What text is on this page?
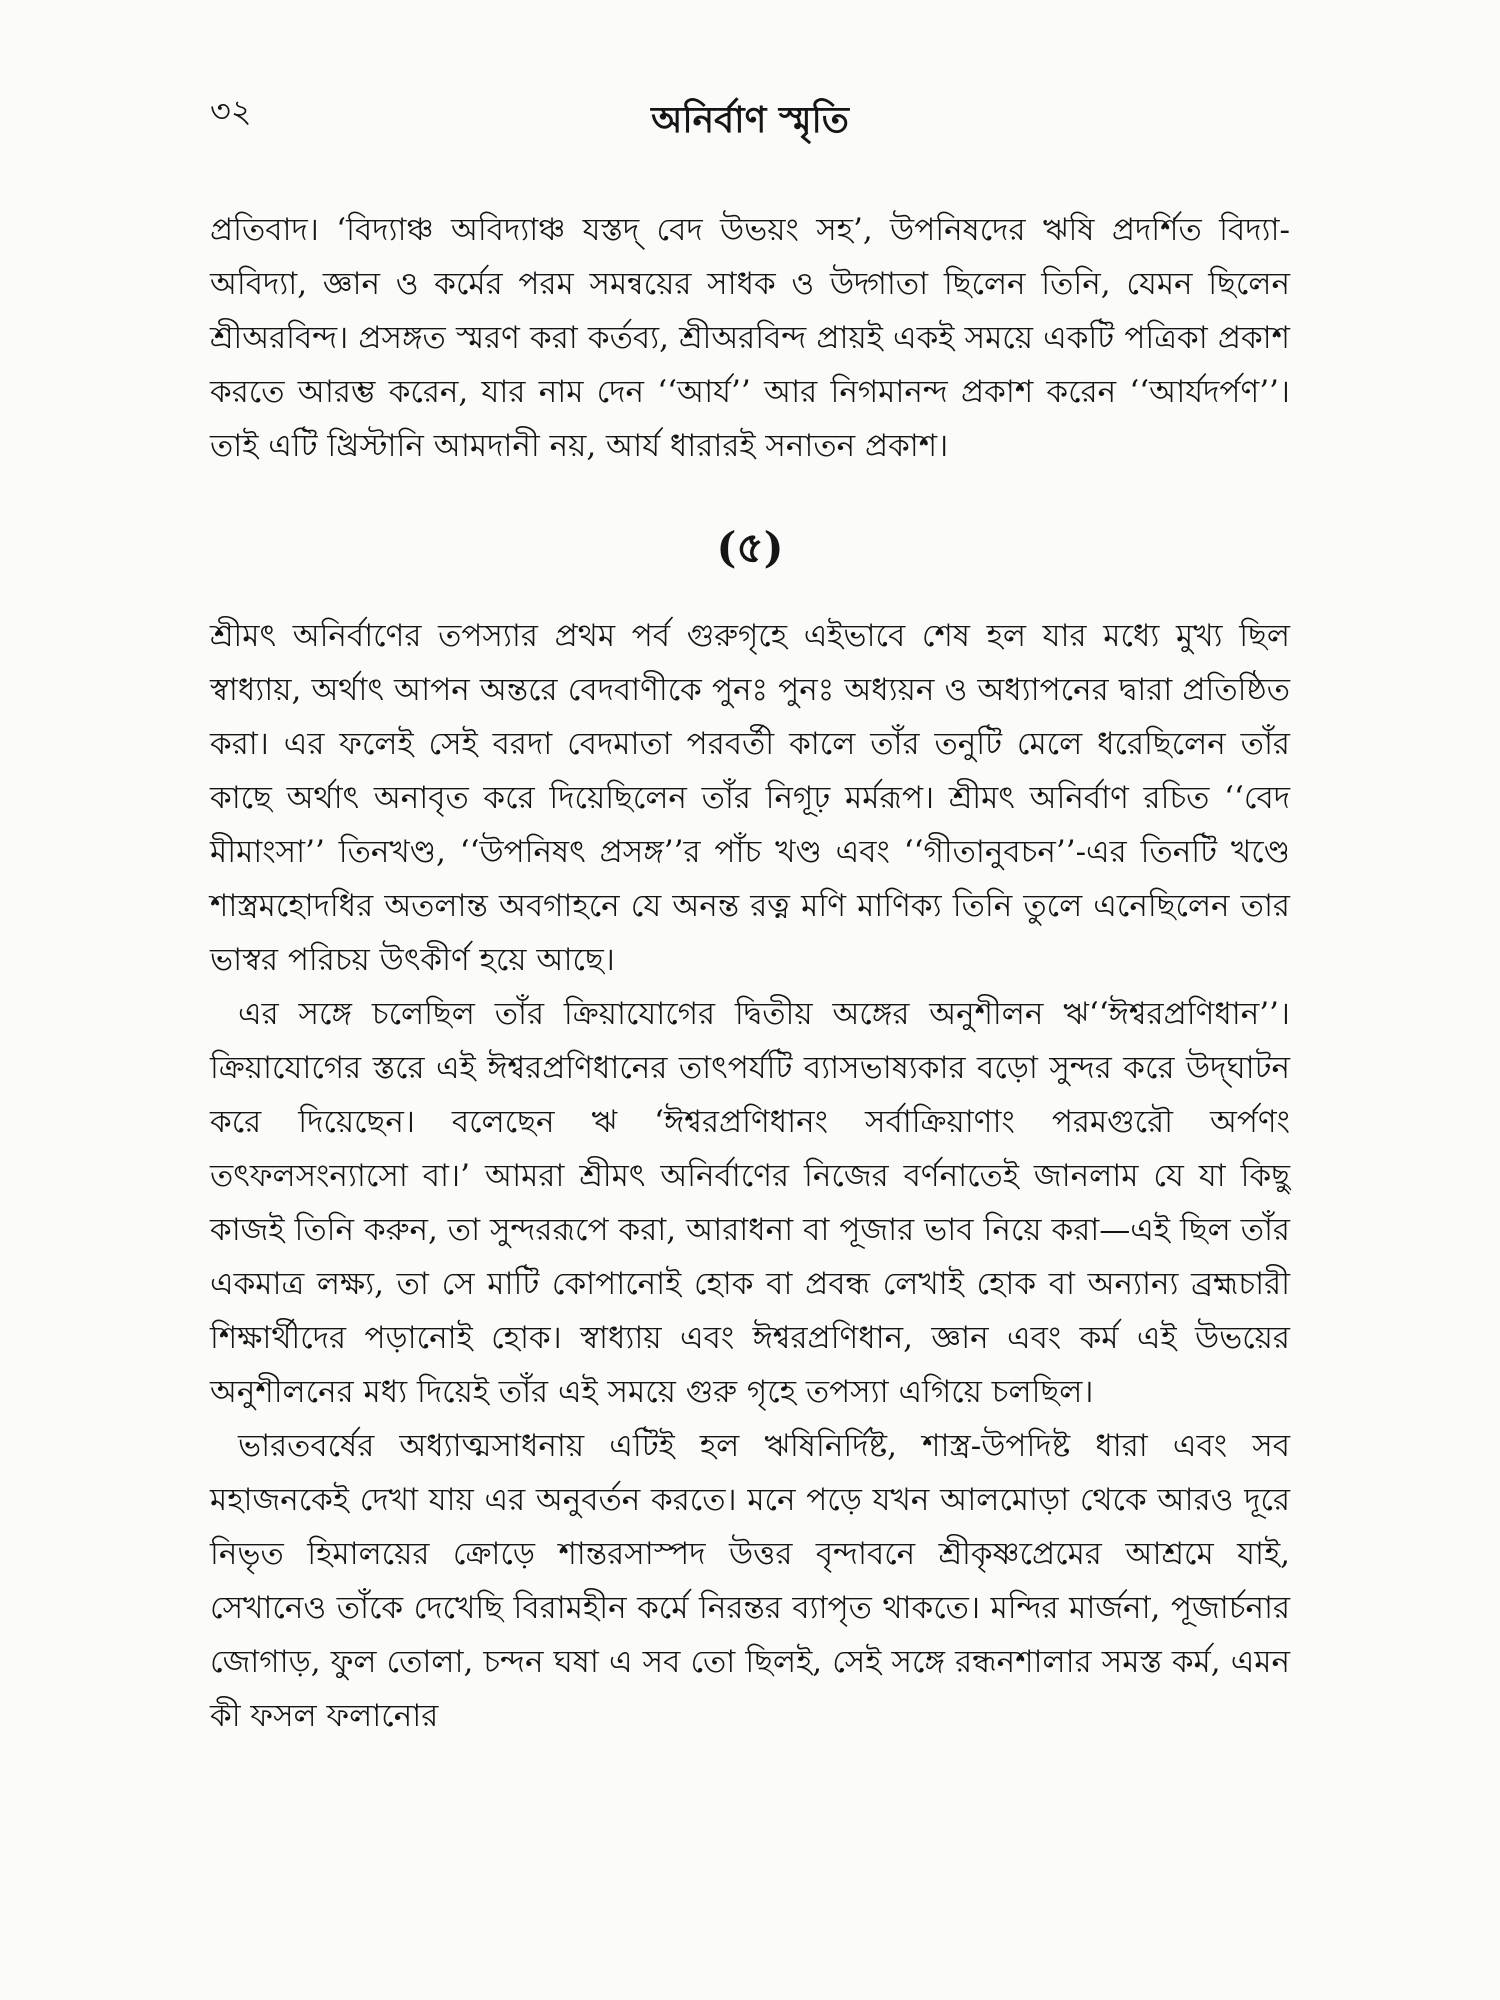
৩২	অনির্বাণ স্মৃতি

প্রতিবাদ। ‘বিদ্যাঞ্চ অবিদ্যাঞ্চ যস্তদ্‌ বেদ উভয়ং সহ’, উপনিষদের ঋষি প্রদর্শিত বিদ্যা-অবিদ্যা, জ্ঞান ও কর্মের পরম সমন্বয়ের সাধক ও উদ্গাতা ছিলেন তিনি, যেমন ছিলেন শ্রীঅরবিন্দ। প্রসঙ্গত স্মরণ করা কর্তব্য, শ্রীঅরবিন্দ প্রায়ই একই সময়ে একটি পত্রিকা প্রকাশ করতে আরম্ভ করেন, যার নাম দেন ‘‘আর্য’’ আর নিগমানন্দ প্রকাশ করেন ‘‘আর্যদর্পণ’’। তাই এটি খ্রিস্টানি আমদানী নয়, আর্য ধারারই সনাতন প্রকাশ।

(৫)

শ্রীমৎ অনির্বাণের তপস্যার প্রথম পর্ব গুরুগৃহে এইভাবে শেষ হল যার মধ্যে মুখ্য ছিল স্বাধ্যায়, অর্থাৎ আপন অন্তরে বেদবাণীকে পুনঃ পুনঃ অধ্যয়ন ও অধ্যাপনের দ্বারা প্রতিষ্ঠিত করা। এর ফলেই সেই বরদা বেদমাতা পরবর্তী কালে তাঁর তনুটি মেলে ধরেছিলেন তাঁর কাছে অর্থাৎ অনাবৃত করে দিয়েছিলেন তাঁর নিগূঢ় মর্মরূপ। শ্রীমৎ অনির্বাণ রচিত ‘‘বেদ মীমাংসা’’ তিনখণ্ড, ‘‘উপনিষৎ প্রসঙ্গ’’র পাঁচ খণ্ড এবং ‘‘গীতানুবচন’’-এর তিনটি খণ্ডে শাস্ত্রমহোদধির অতলান্ত অবগাহনে যে অনন্ত রত্ন মণি মাণিক্য তিনি তুলে এনেছিলেন তার ভাস্বর পরিচয় উৎকীর্ণ হয়ে আছে।

এর সঙ্গে চলেছিল তাঁর ক্রিয়াযোগের দ্বিতীয় অঙ্গের অনুশীলন ঋ‘‘ঈশ্বরপ্রণিধান’’। ক্রিয়াযোগের স্তরে এই ঈশ্বরপ্রণিধানের তাৎপর্যটি ব্যাসভাষ্যকার বড়ো সুন্দর করে উদ্‌ঘাটন করে দিয়েছেন। বলেছেন ঋ ‘ঈশ্বরপ্রণিধানং সর্বাক্রিয়াণাং পরমগুরৌ অর্পণং তৎফলসংন্যাসো বা।’ আমরা শ্রীমৎ অনির্বাণের নিজের বর্ণনাতেই জানলাম যে যা কিছু কাজই তিনি করুন, তা সুন্দররূপে করা, আরাধনা বা পূজার ভাব নিয়ে করা—এই ছিল তাঁর একমাত্র লক্ষ্য, তা সে মাটি কোপানোই হোক বা প্রবন্ধ লেখাই হোক বা অন্যান্য ব্রহ্মচারী শিক্ষার্থীদের পড়ানোই হোক। স্বাধ্যায় এবং ঈশ্বরপ্রণিধান, জ্ঞান এবং কর্ম এই উভয়ের অনুশীলনের মধ্য দিয়েই তাঁর এই সময়ে গুরু গৃহে তপস্যা এগিয়ে চলছিল।

ভারতবর্ষের অধ্যাত্মসাধনায় এটিই হল ঋষিনির্দিষ্ট, শাস্ত্র-উপদিষ্ট ধারা এবং সব মহাজনকেই দেখা যায় এর অনুবর্তন করতে। মনে পড়ে যখন আলমোড়া থেকে আরও দূরে নিভৃত হিমালয়ের ক্রোড়ে শান্তরসাস্পদ উত্তর বৃন্দাবনে শ্রীকৃষ্ণপ্রেমের আশ্রমে যাই, সেখানেও তাঁকে দেখেছি বিরামহীন কর্মে নিরন্তর ব্যাপৃত থাকতে। মন্দির মার্জনা, পূজার্চনার জোগাড়, ফুল তোলা, চন্দন ঘষা এ সব তো ছিলই, সেই সঙ্গে রন্ধনশালার সমস্ত কর্ম, এমন কী ফসল ফলানোর
